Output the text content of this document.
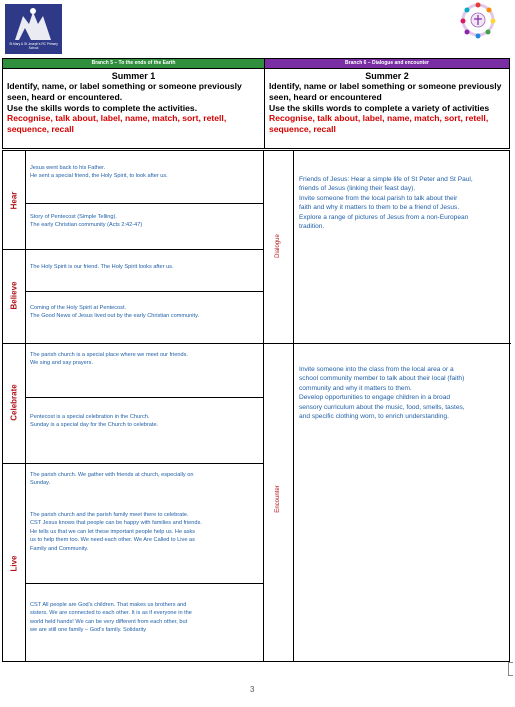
St Mary & St Joseph's RC Primary School
Branch 5 – To the ends of the Earth	Branch 6 – Dialogue and encounter
Summer 1
Identify, name, or label something or someone previously seen, heard or encountered.
Use the skills words to complete the activities.
Recognise, talk about, label, name, match, sort, retell, sequence, recall
Summer 2
Identify, name or label something or someone previously seen, heard or encountered
Use the skills words to complete a variety of activities
Recognise, talk about, label, name, match, sort, retell, sequence, recall
Hear
Believe
Celebrate
Live
Dialogue
Encounter
Jesus went back to his Father.
He sent a special friend, the Holy Spirit, to look after us.
Story of Pentecost (Simple Telling).
The early Christian community (Acts 2:42-47)
The Holy Spirit is our friend. The Holy Spirit looks after us.
Coming of the Holy Spirit at Pentecost.
The Good News of Jesus lived out by the early Christian community.
The parish church is a special place where we meet our friends.
We sing and say prayers.
Pentecost is a special celebration in the Church.
Sunday is a special day for the Church to celebrate.
The parish church. We gather with friends at church, especially on
Sunday.
The parish church and the parish family meet there to celebrate.
CST Jesus knows that people can be happy with families and friends.
He tells us that we can let these important people help us. He asks
us to help them too. We need each other. We Are Called to Live as
Family and Community.
CST All people are God’s children. That makes us brothers and
sisters. We are connected to each other. It is as if everyone in the
world held hands! We can be very different from each other, but
we are still one family – God’s family. Solidarity
Friends of Jesus: Hear a simple life of St Peter and St Paul,
friends of Jesus (linking their feast day).
Invite someone from the local parish to talk about their
faith and why it matters to them to be a friend of Jesus.
Explore a range of pictures of Jesus from a non-European
tradition.
Invite someone into the class from the local area or a
school community member to talk about their local (faith)
community and why it matters to them.
Develop opportunities to engage children in a broad
sensory curriculum about the music, food, smells, tastes,
and specific clothing worn, to enrich understanding.
3
